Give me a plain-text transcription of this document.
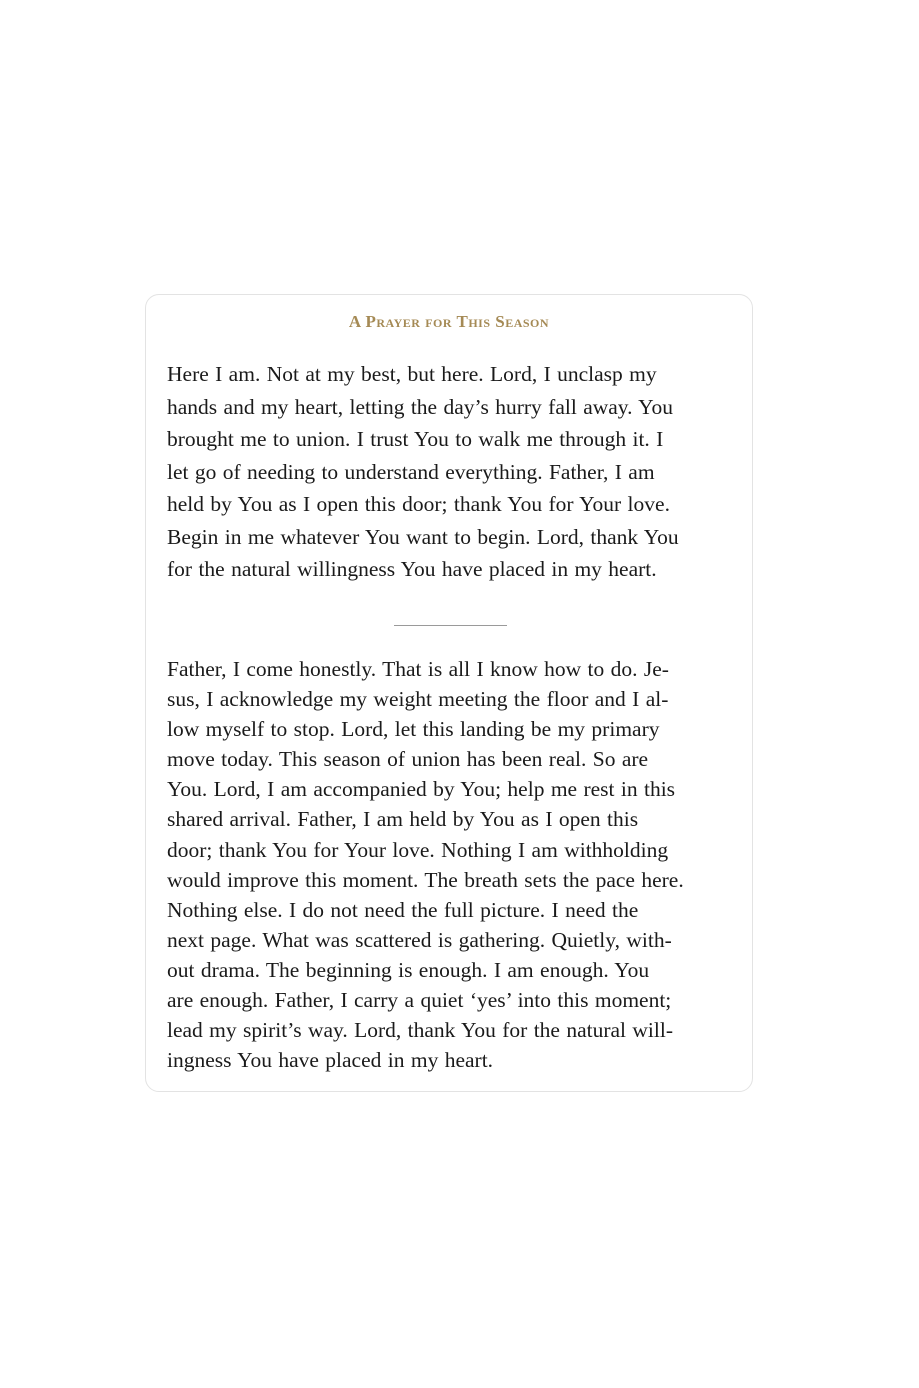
A Prayer for This Season

Here I am. Not at my best, but here. Lord, I unclasp my
hands and my heart, letting the day’s hurry fall away. You
brought me to union. I trust You to walk me through it. I
let go of needing to understand everything. Father, I am
held by You as I open this door; thank You for Your love.
Begin in me whatever You want to begin. Lord, thank You
for the natural willingness You have placed in my heart.

Father, I come honestly. That is all I know how to do. Je-
sus, I acknowledge my weight meeting the floor and I al-
low myself to stop. Lord, let this landing be my primary
move today. This season of union has been real. So are
You. Lord, I am accompanied by You; help me rest in this
shared arrival. Father, I am held by You as I open this
door; thank You for Your love. Nothing I am withholding
would improve this moment. The breath sets the pace here.
Nothing else. I do not need the full picture. I need the
next page. What was scattered is gathering. Quietly, with-
out drama. The beginning is enough. I am enough. You
are enough. Father, I carry a quiet ‘yes’ into this moment;
lead my spirit’s way. Lord, thank You for the natural will-
ingness You have placed in my heart.
